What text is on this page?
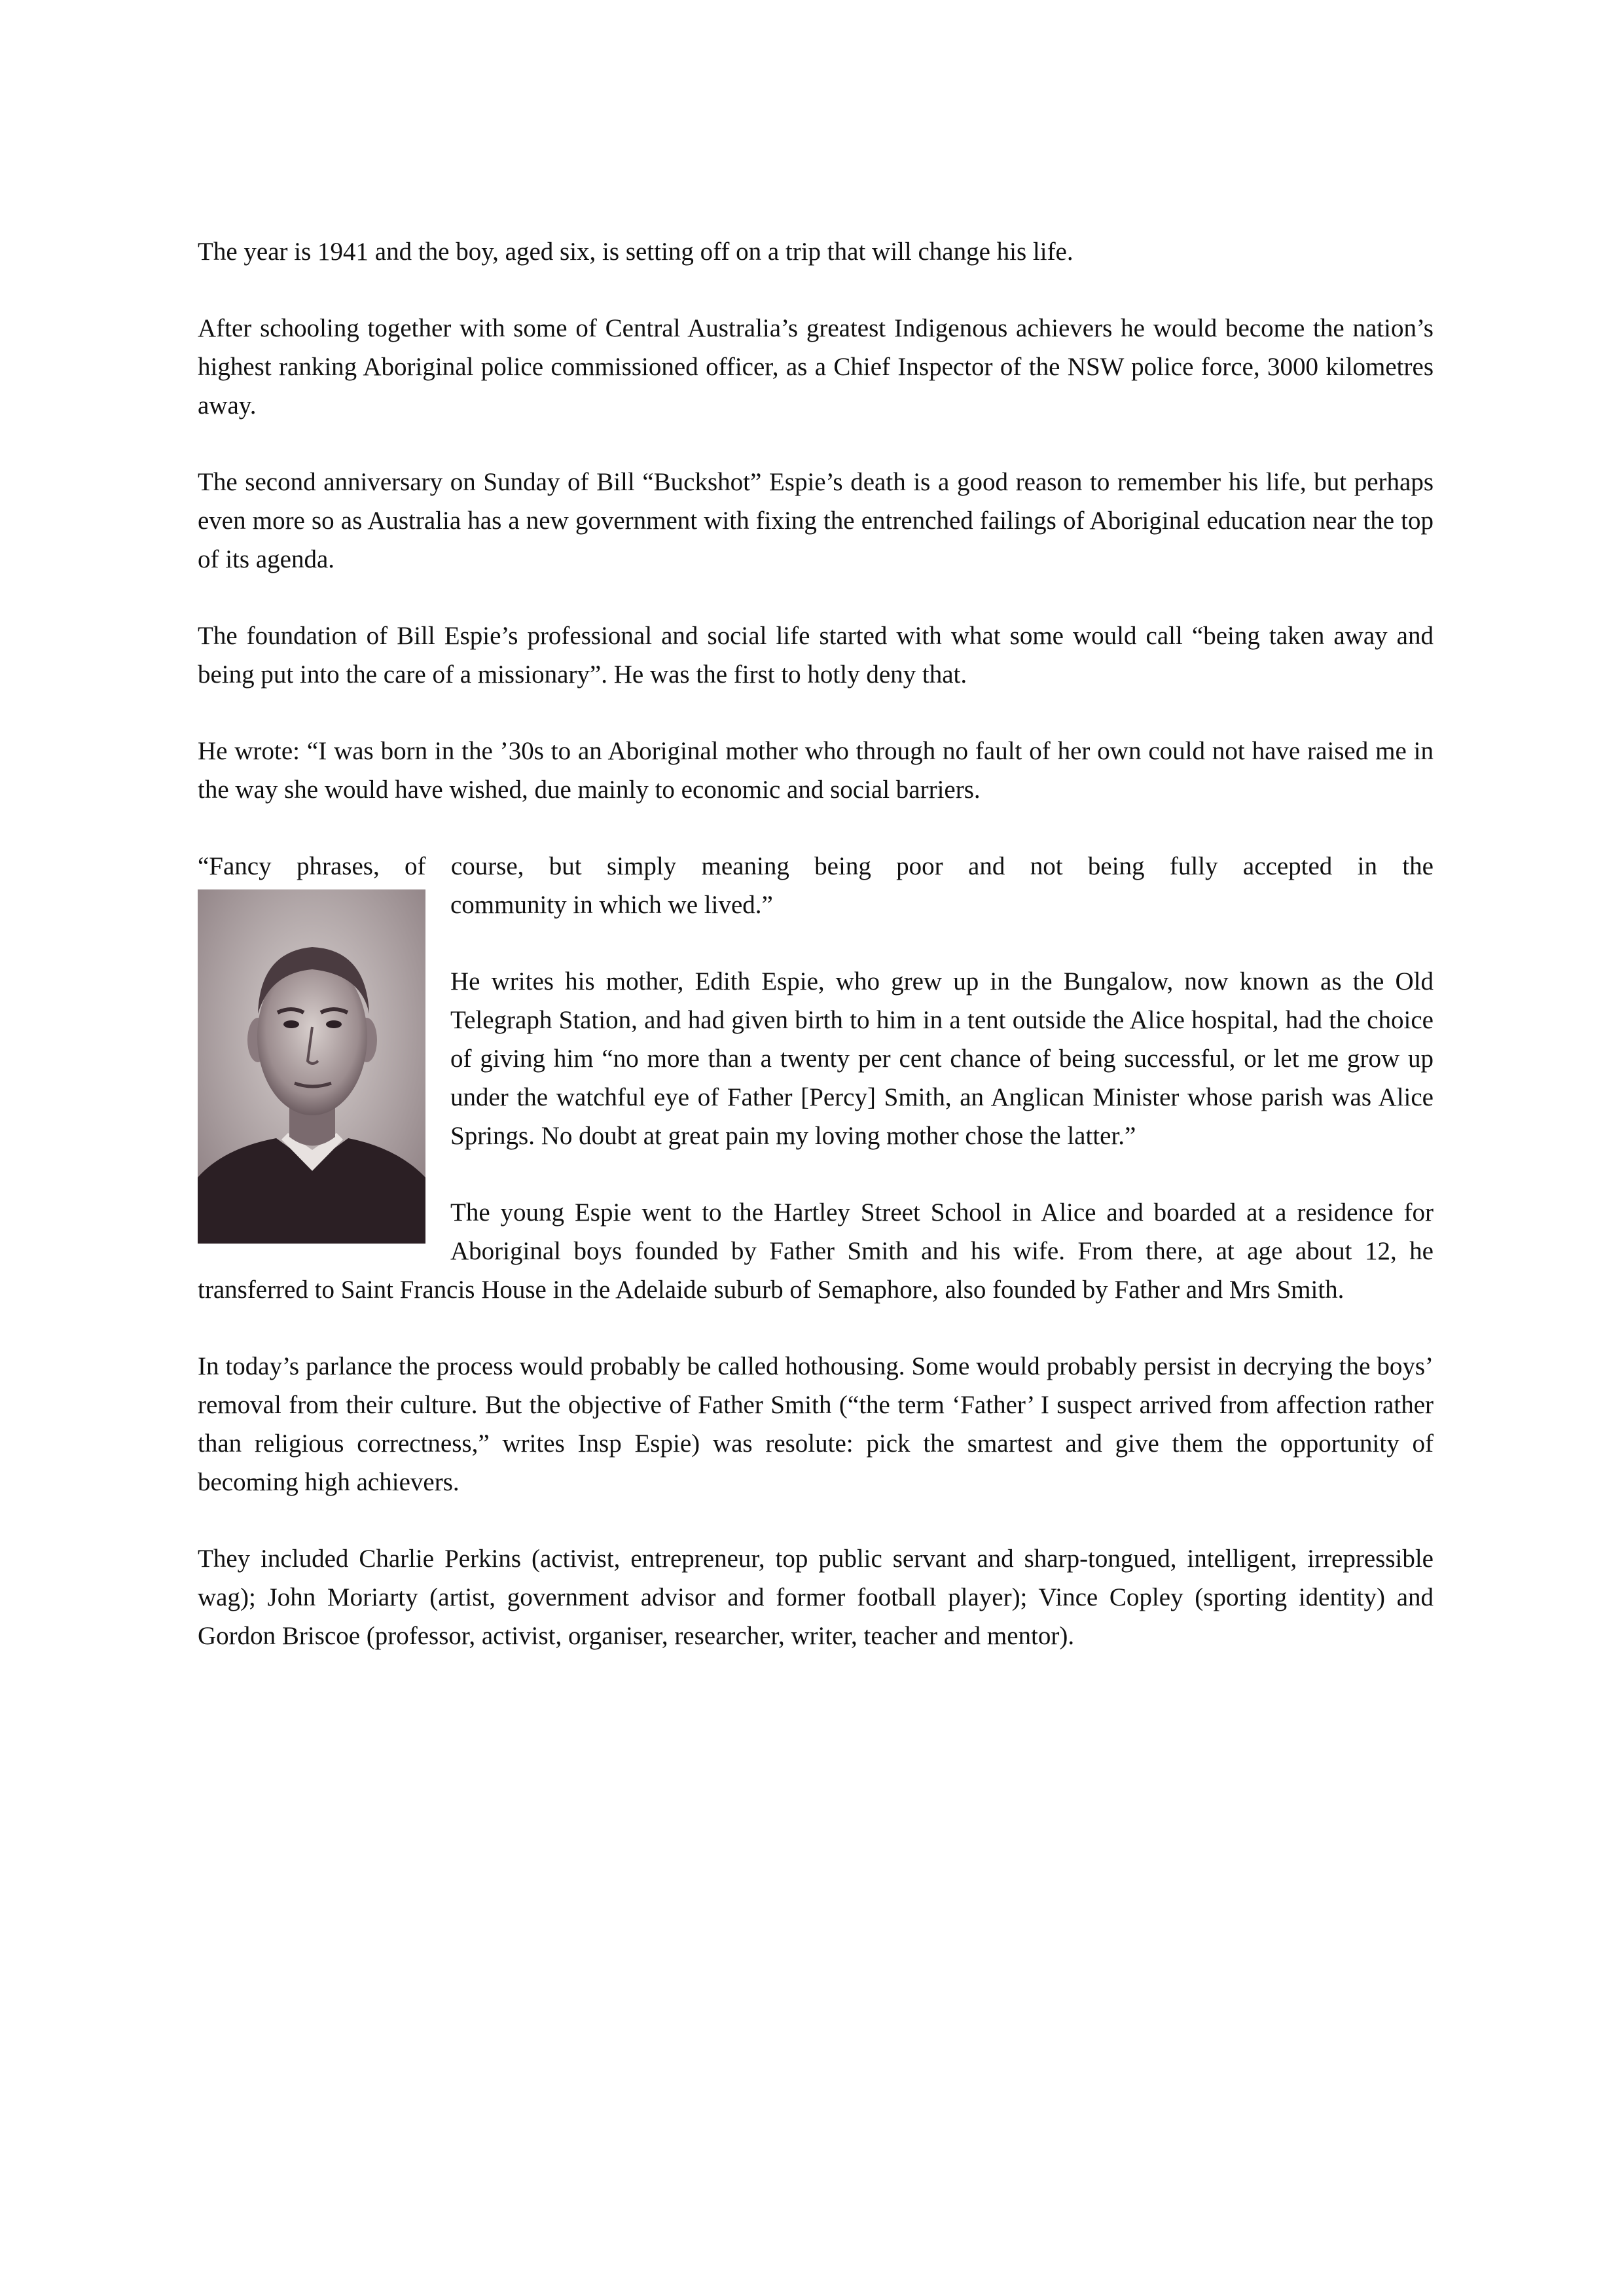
The year is 1941 and the boy, aged six, is setting off on a trip that will change his life.

After schooling together with some of Central Australia’s greatest Indigenous achievers he would become the nation’s highest ranking Aboriginal police commissioned officer, as a Chief Inspector of the NSW police force, 3000 kilometres away.

The second anniversary on Sunday of Bill “Buckshot” Espie’s death is a good reason to remember his life, but perhaps even more so as Australia has a new government with fixing the entrenched failings of Aboriginal education near the top of its agenda.

The foundation of Bill Espie’s professional and social life started with what some would call “being taken away and being put into the care of a missionary”. He was the first to hotly deny that.

He wrote: “I was born in the ’30s to an Aboriginal mother who through no fault of her own could not have raised me in the way she would have wished, due mainly to economic and social barriers.

“Fancy phrases, of course, but simply meaning being poor and not being fully accepted in the
community in which we lived.”

He writes his mother, Edith Espie, who grew up in the Bungalow, now known as the Old Telegraph Station, and had given birth to him in a tent outside the Alice hospital, had the choice of giving him “no more than a twenty per cent chance of being successful, or let me grow up under the watchful eye of Father [Percy] Smith, an Anglican Minister whose parish was Alice Springs. No doubt at great pain my loving mother chose the latter.”

The young Espie went to the Hartley Street School in Alice and boarded at a residence for Aboriginal boys founded by Father Smith and his wife. From there, at age about 12, he transferred to Saint Francis House in the Adelaide suburb of Semaphore, also founded by Father and Mrs Smith.

In today’s parlance the process would probably be called hothousing. Some would probably persist in decrying the boys’ removal from their culture. But the objective of Father Smith (“the term ‘Father’ I suspect arrived from affection rather than religious correctness,” writes Insp Espie) was resolute: pick the smartest and give them the opportunity of becoming high achievers.

They included Charlie Perkins (activist, entrepreneur, top public servant and sharp-tongued, intelligent, irrepressible wag); John Moriarty (artist, government advisor and former football player); Vince Copley (sporting identity) and Gordon Briscoe (professor, activist, organiser, researcher, writer, teacher and mentor).
